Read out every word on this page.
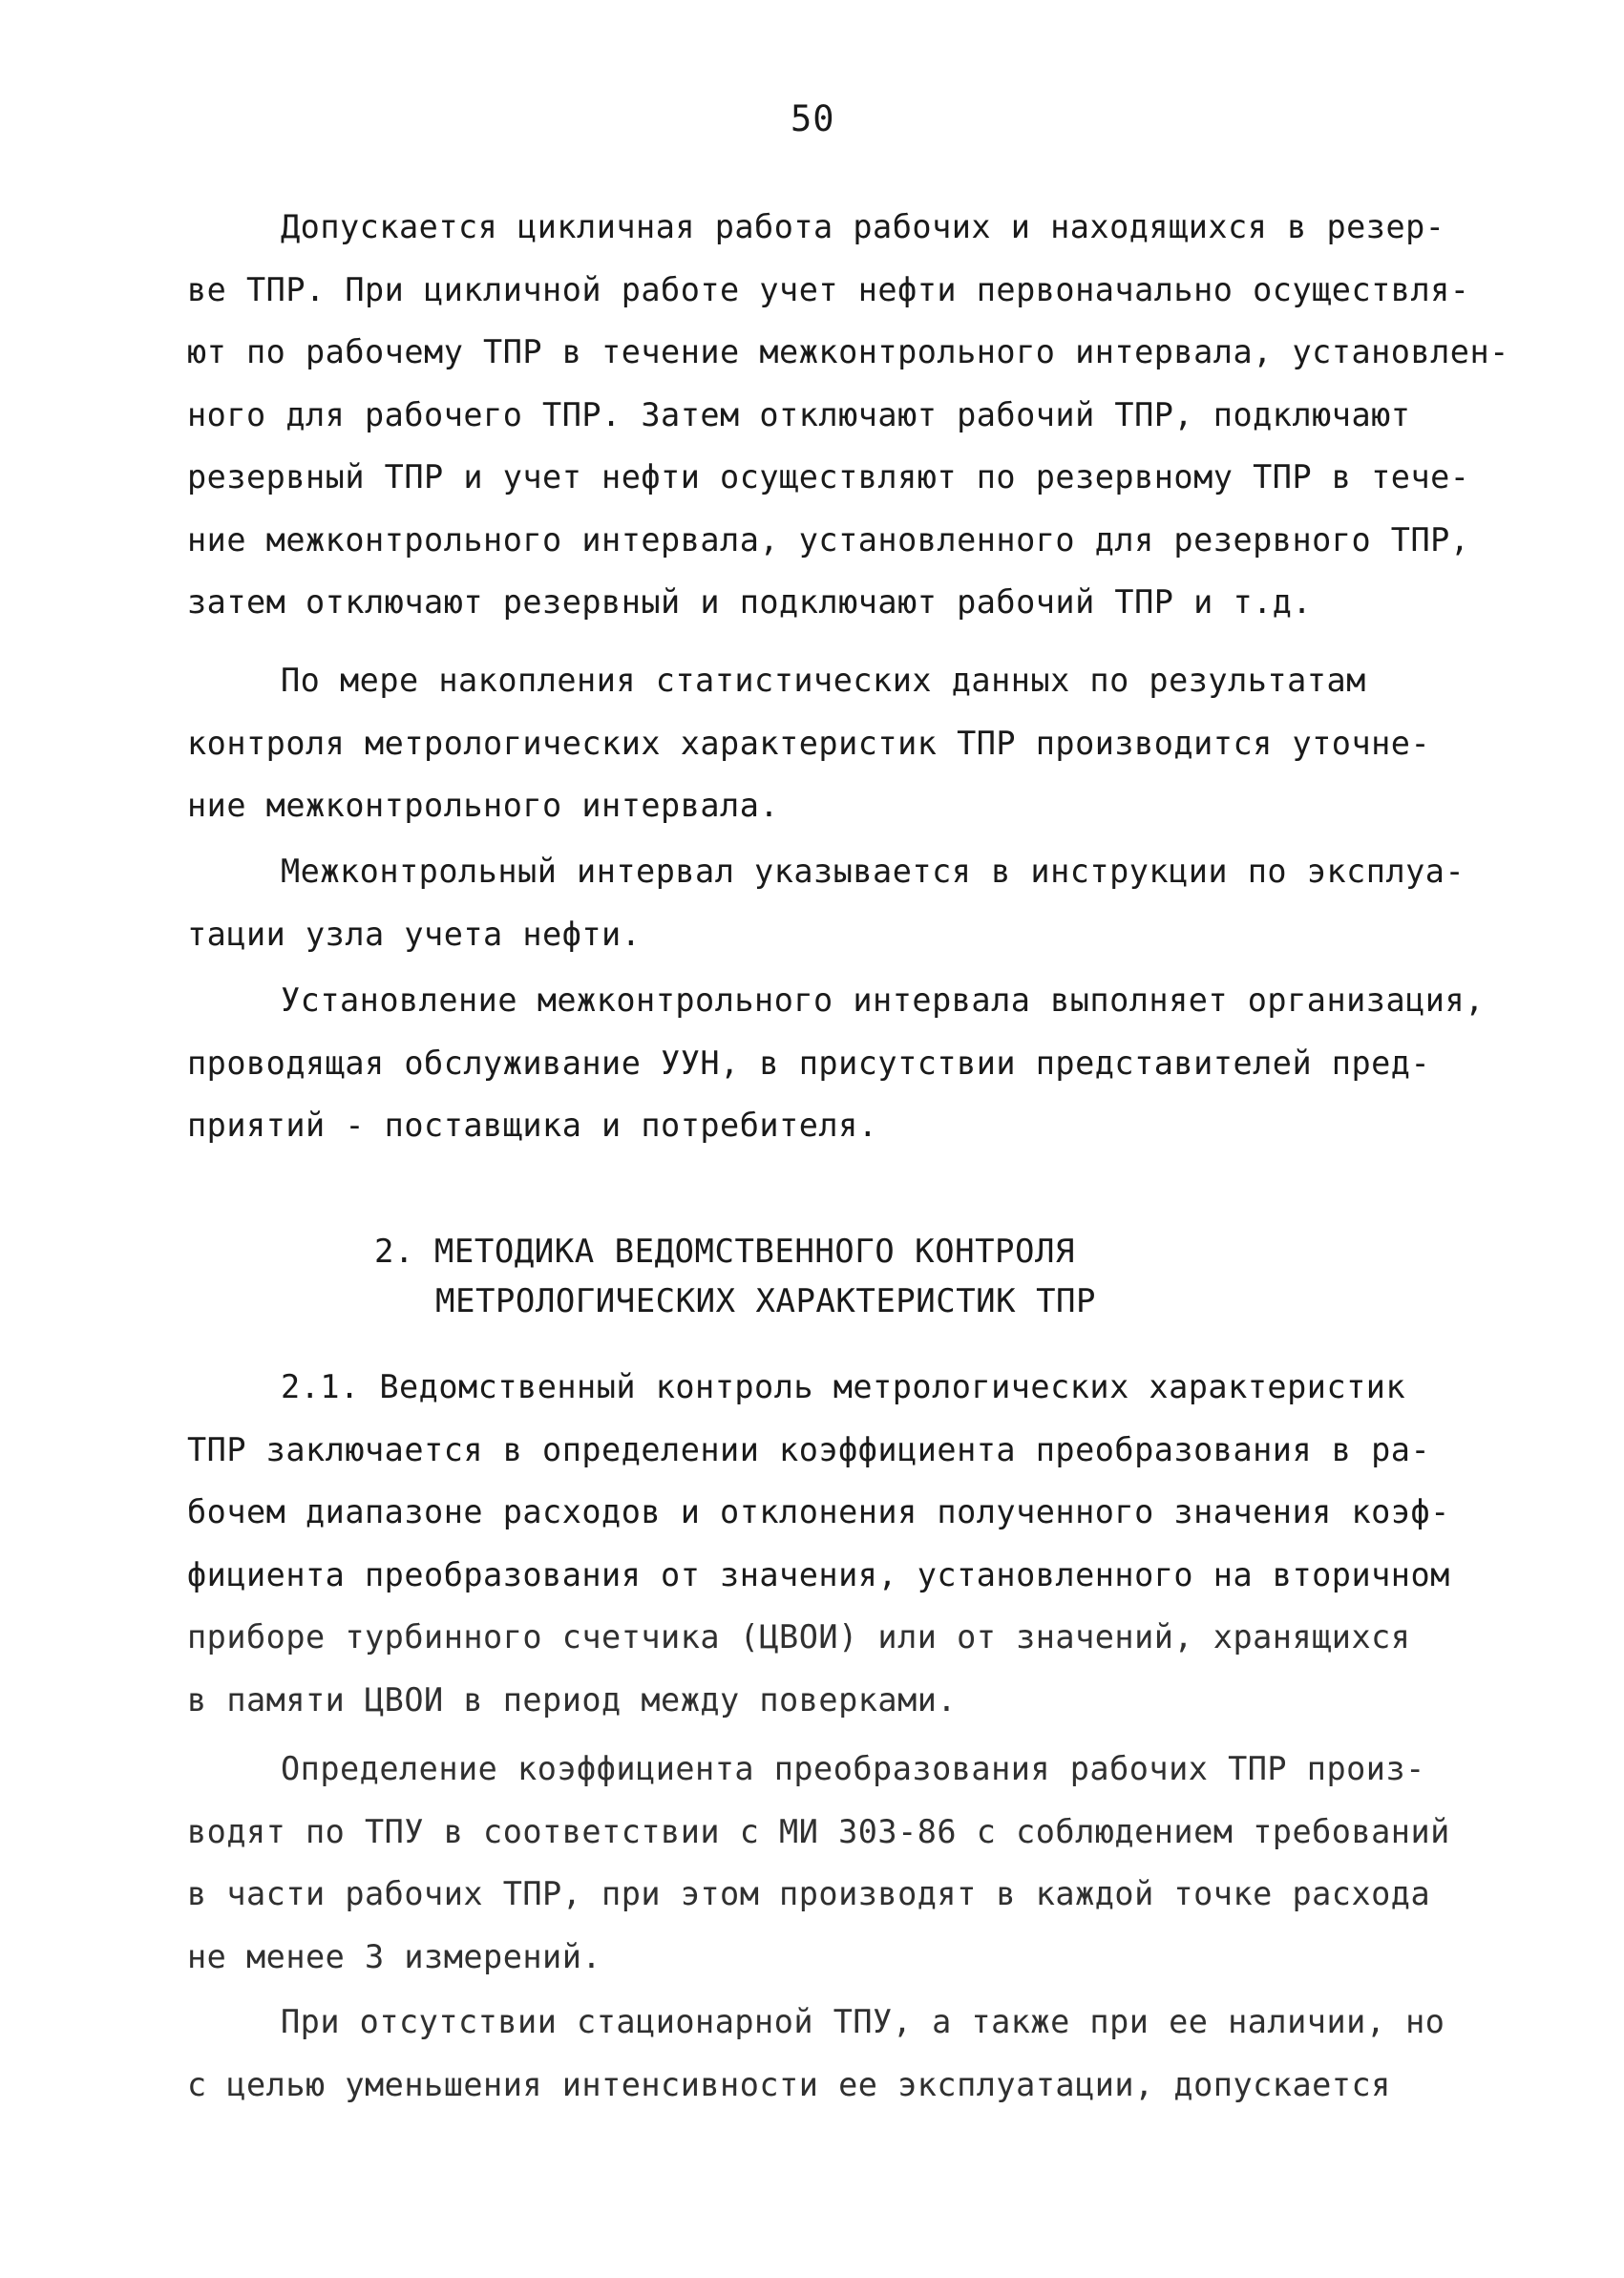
50
Допускается цикличная работа рабочих и находящихся в резер-
ве ТПР. При цикличной работе учет нефти первоначально осуществля-
ют по рабочему ТПР в течение межконтрольного интервала, установлен-
ного для рабочего ТПР. Затем отключают рабочий ТПР, подключают
резервный ТПР и учет нефти осуществляют по резервному ТПР в тече-
ние межконтрольного интервала, установленного для резервного ТПР,
затем отключают резервный и подключают рабочий ТПР и т.д.
По мере накопления статистических данных по результатам
контроля метрологических характеристик ТПР производится уточне-
ние межконтрольного интервала.
Межконтрольный интервал указывается в инструкции по эксплуа-
тации узла учета нефти.
Установление межконтрольного интервала выполняет организация,
проводящая обслуживание УУН, в присутствии представителей пред-
приятий - поставщика и потребителя.
2. МЕТОДИКА ВЕДОМСТВЕННОГО КОНТРОЛЯ
МЕТРОЛОГИЧЕСКИХ ХАРАКТЕРИСТИК ТПР
2.1. Ведомственный контроль метрологических характеристик
ТПР заключается в определении коэффициента преобразования в ра-
бочем диапазоне расходов и отклонения полученного значения коэф-
фициента преобразования от значения, установленного на вторичном
приборе турбинного счетчика (ЦВОИ) или от значений, хранящихся
в памяти ЦВОИ в период между поверками.
Определение коэффициента преобразования рабочих ТПР произ-
водят по ТПУ в соответствии с МИ 303-86 с соблюдением требований
в части рабочих ТПР, при этом производят в каждой точке расхода
не менее 3 измерений.
При отсутствии стационарной ТПУ, а также при ее наличии, но
с целью уменьшения интенсивности ее эксплуатации, допускается
